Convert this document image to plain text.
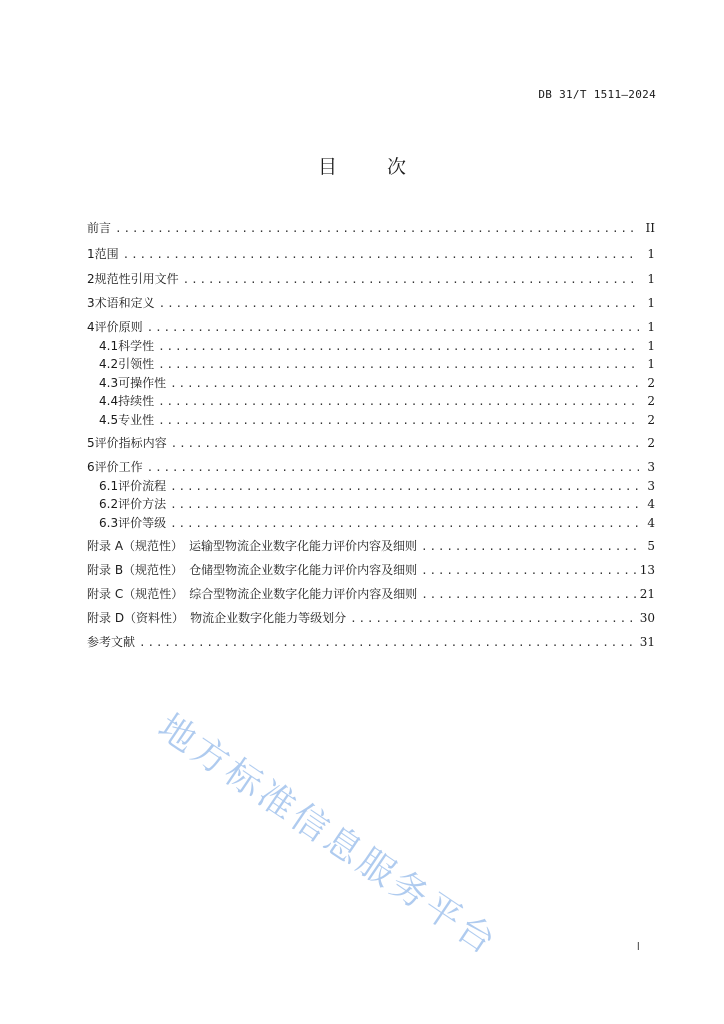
DB 31/T 1511—2024
目	次
前言 .....	II
1 范围 .....	1
2 规范性引用文件 .....	1
3 术语和定义 .....	1
4 评价原则 .....	1
4.1 科学性 .....	1
4.2 引领性 .....	1
4.3 可操作性 .....	2
4.4 持续性 .....	2
4.5 专业性 .....	2
5 评价指标内容 .....	2
6 评价工作 .....	3
6.1 评价流程 .....	3
6.2 评价方法 .....	4
6.3 评价等级 .....	4
附录 A（规范性） 运输型物流企业数字化能力评价内容及细则 .....	5
附录 B（规范性） 仓储型物流企业数字化能力评价内容及细则 .....	13
附录 C（规范性） 综合型物流企业数字化能力评价内容及细则 .....	21
附录 D（资料性） 物流企业数字化能力等级划分 .....	30
参考文献 .....	31
地方标准信息服务平台	I
